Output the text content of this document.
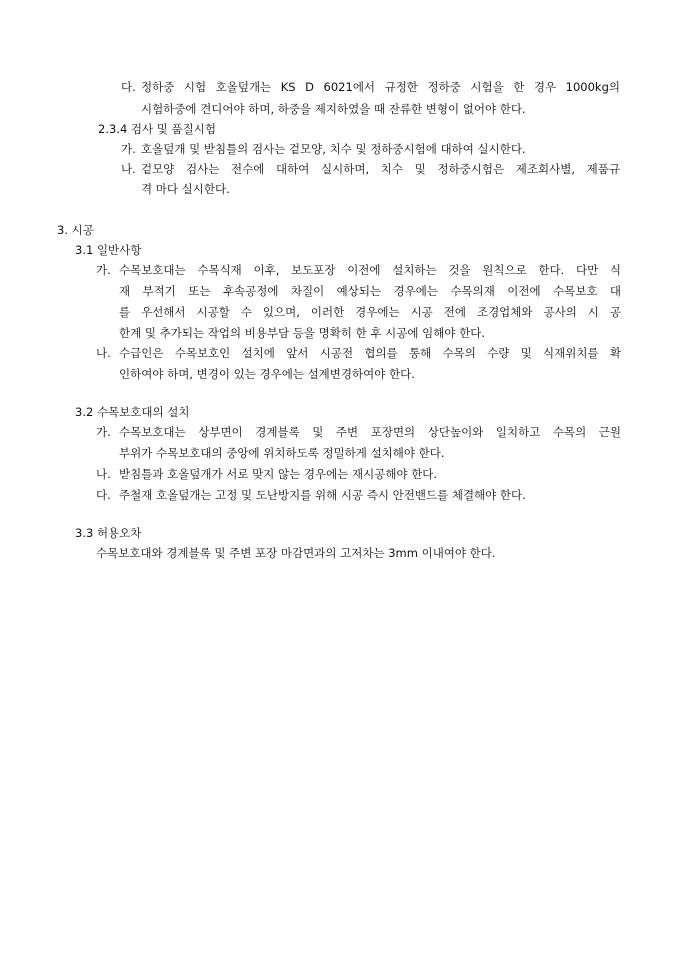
다. 정하중 시험 호올덮개는 KS D 6021에서 규정한 정하중 시험을 한 경우 1000kg의
시험하중에 견디어야 하며, 하중을 제지하였을 때 잔류한 변형이 없어야 한다.
2.3.4 검사 및 품질시험
가. 호올덮개 및 받침틀의 검사는 겉모양, 치수 및 정하중시험에 대하여 실시한다.
나. 겉모양 검사는 전수에 대하여 실시하며, 치수 및 정하중시험은 제조회사별, 제품규
격 마다 실시한다.
3. 시공
3.1 일반사항
가. 수목보호대는 수목식재 이후, 보도포장 이전에 설치하는 것을 원칙으로 한다. 다만 식
재 부적기 또는 후속공정에 차질이 예상되는 경우에는 수목의재 이전에 수목보호 대
를 우선해서 시공할 수 있으며, 이러한 경우에는 시공 전에 조경업체와 공사의 시 공
한계 및 추가되는 작업의 비용부담 등을 명확히 한 후 시공에 임해야 한다.
나. 수급인은 수목보호인 설치에 앞서 시공전 협의를 통해 수목의 수량 및 식재위치를 확
인하여야 하며, 변경이 있는 경우에는 설계변경하여야 한다.
3.2 수목보호대의 설치
가. 수목보호대는 상부면이 경계블록 및 주변 포장면의 상단높이와 일치하고 수목의 근원
부위가 수목보호대의 중앙에 위치하도록 정밀하게 설치해야 한다.
나. 받침틀과 호올덮개가 서로 맞지 않는 경우에는 재시공해야 한다.
다. 주철재 호올덮개는 고정 및 도난방지를 위해 시공 즉시 안전밴드를 체결해야 한다.
3.3 허용오차
수목보호대와 경계블록 및 주변 포장 마감면과의 고저차는 3mm 이내여야 한다.
